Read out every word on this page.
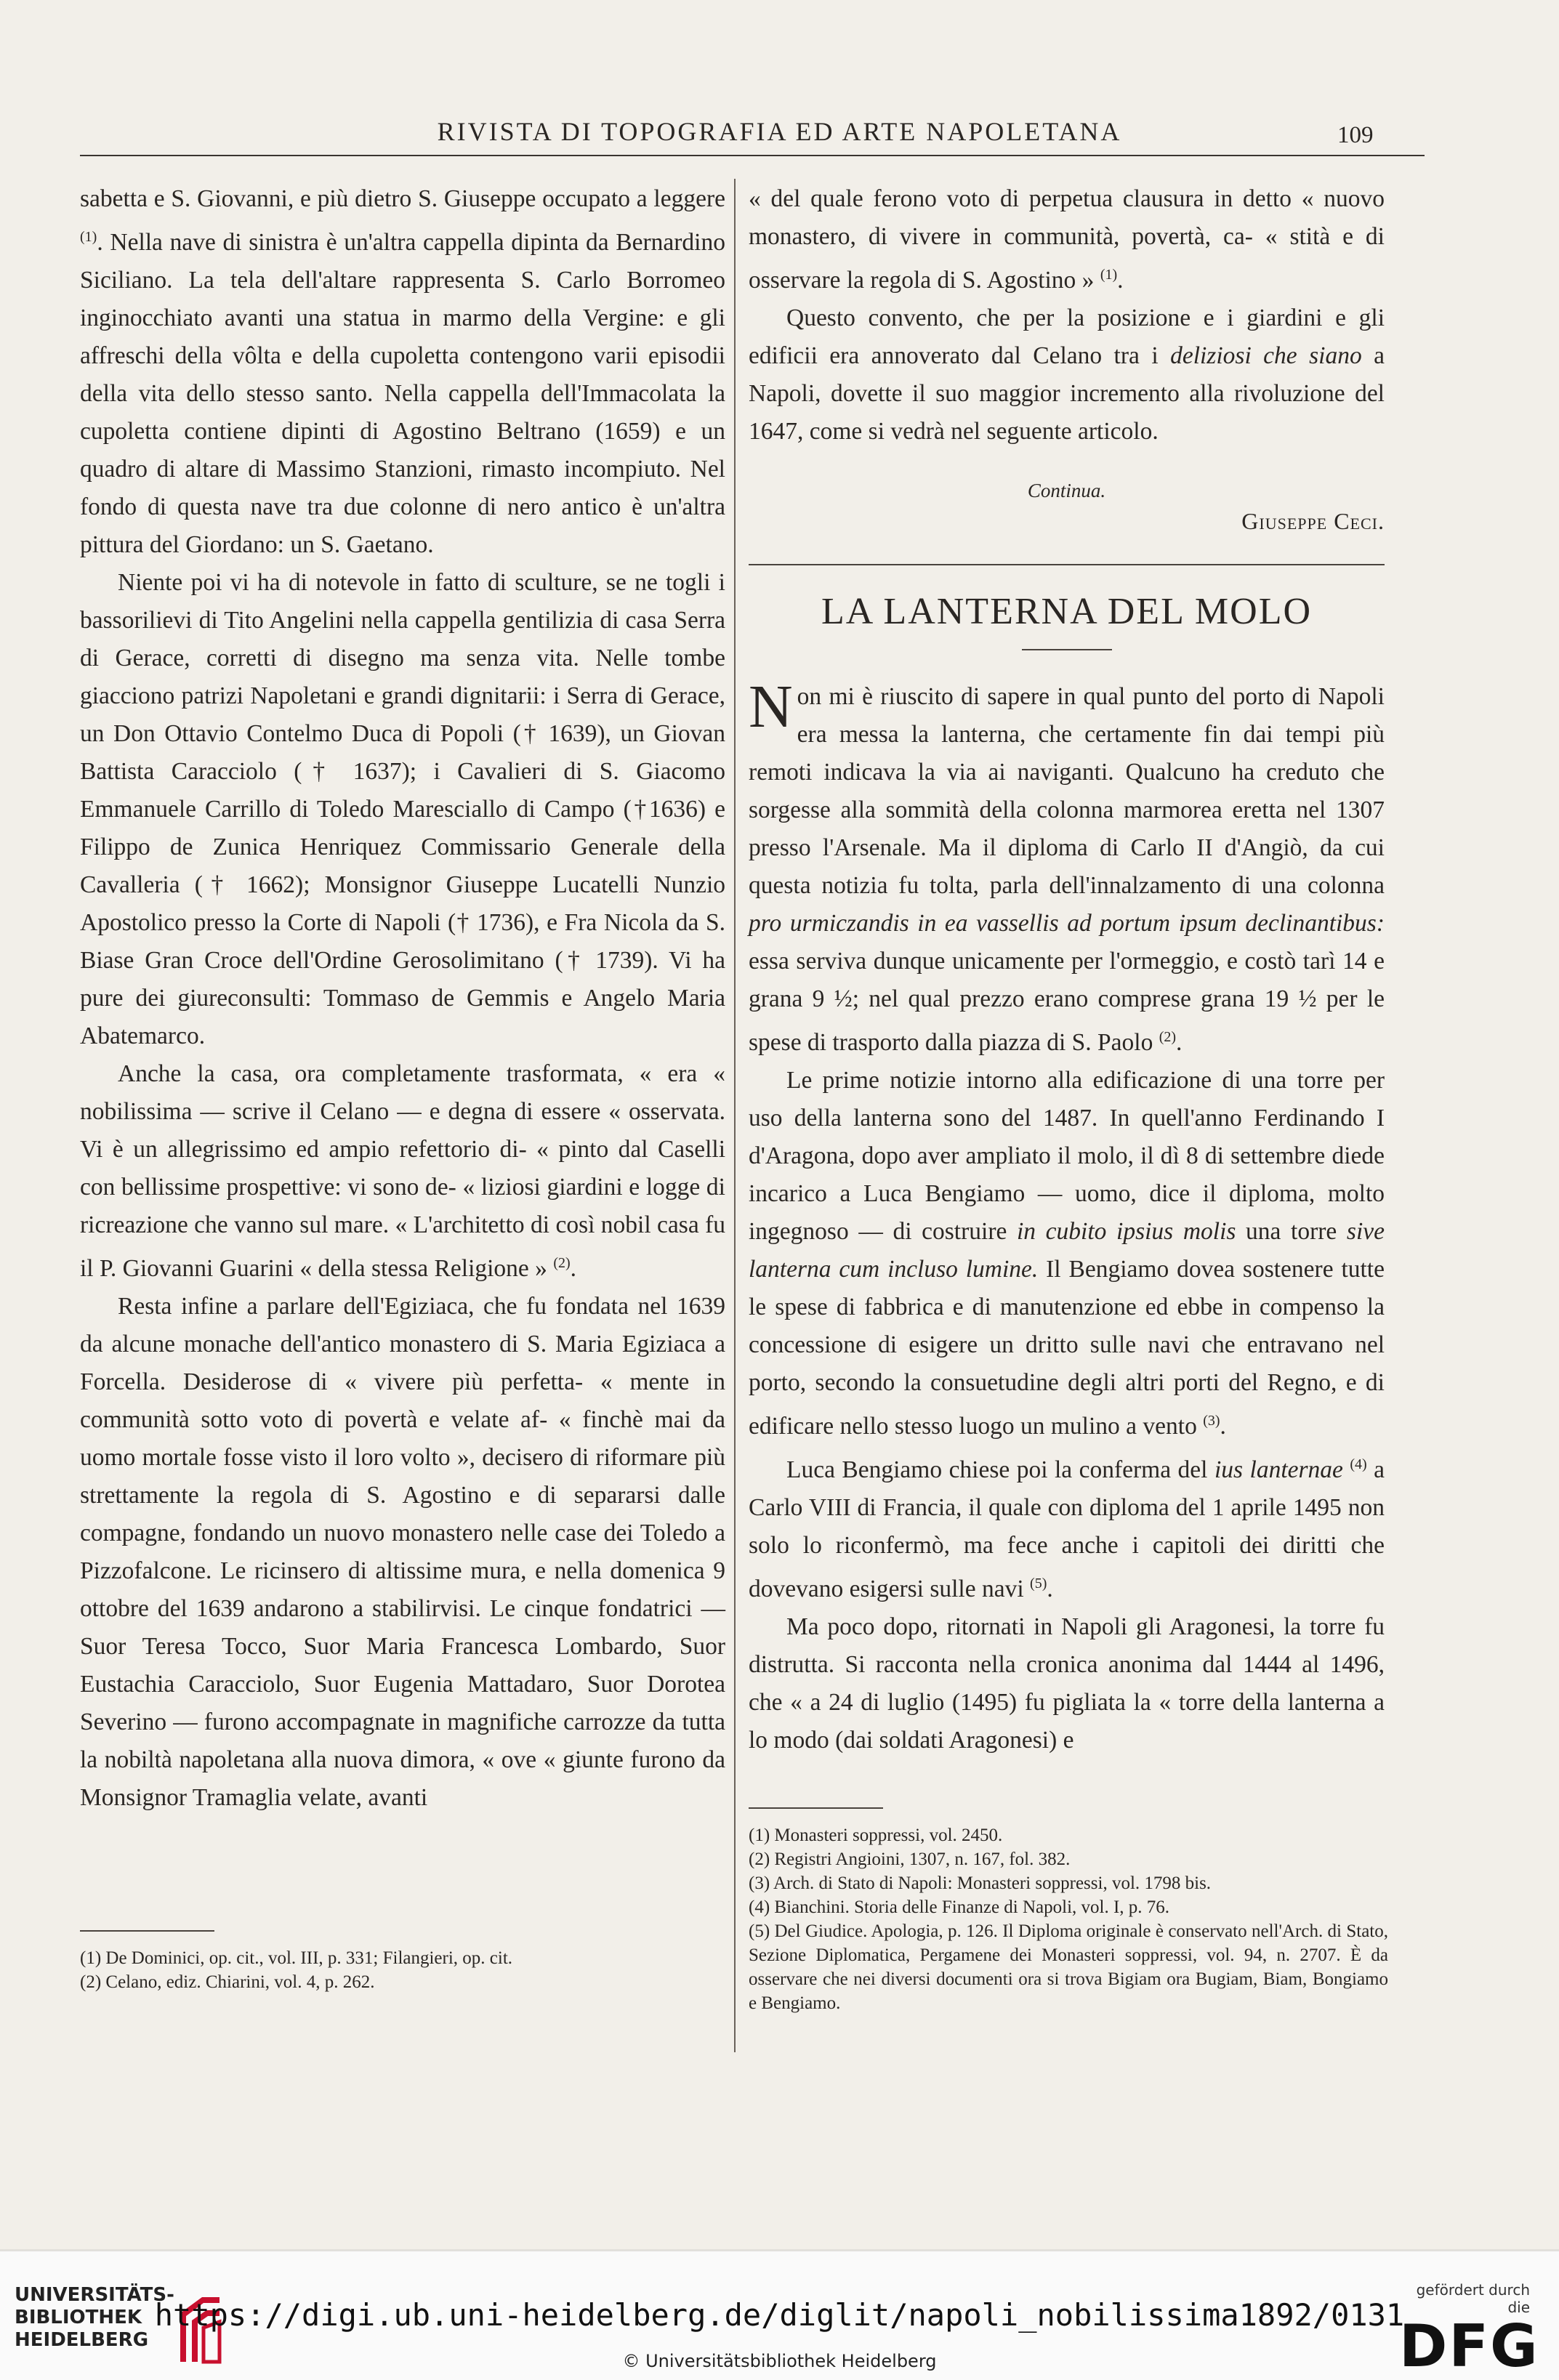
RIVISTA DI TOPOGRAFIA ED ARTE NAPOLETANA	109

sabetta e S. Giovanni, e più dietro S. Giuseppe occupato a leggere $^{(1)}$. Nella nave di sinistra è un'altra cappella dipinta da Bernardino Siciliano. La tela dell'altare rappresenta S. Carlo Borromeo inginocchiato avanti una statua in marmo della Vergine: e gli affreschi della vôlta e della cupoletta contengono varii episodii della vita dello stesso santo. Nella cappella dell'Immacolata la cupoletta contiene dipinti di Agostino Beltrano (1659) e un quadro di altare di Massimo Stanzioni, rimasto incompiuto. Nel fondo di questa nave tra due colonne di nero antico è un'altra pittura del Giordano: un S. Gaetano.

Niente poi vi ha di notevole in fatto di sculture, se ne togli i bassorilievi di Tito Angelini nella cappella gentilizia di casa Serra di Gerace, corretti di disegno ma senza vita. Nelle tombe giacciono patrizi Napoletani e grandi dignitarii: i Serra di Gerace, un Don Ottavio Contelmo Duca di Popoli († 1639), un Giovan Battista Caracciolo († 1637); i Cavalieri di S. Giacomo Emmanuele Carrillo di Toledo Maresciallo di Campo (†1636) e Filippo de Zunica Henriquez Commissario Generale della Cavalleria († 1662); Monsignor Giuseppe Lucatelli Nunzio Apostolico presso la Corte di Napoli († 1736), e Fra Nicola da S. Biase Gran Croce dell'Ordine Gerosolimitano († 1739). Vi ha pure dei giureconsulti: Tommaso de Gemmis e Angelo Maria Abatemarco.

Anche la casa, ora completamente trasformata, « era « nobilissima — scrive il Celano — e degna di essere « osservata. Vi è un allegrissimo ed ampio refettorio di- « pinto dal Caselli con bellissime prospettive: vi sono de- « liziosi giardini e logge di ricreazione che vanno sul mare. « L'architetto di così nobil casa fu il P. Giovanni Guarini « della stessa Religione » $^{(2)}$.

Resta infine a parlare dell'Egiziaca, che fu fondata nel 1639 da alcune monache dell'antico monastero di S. Maria Egiziaca a Forcella. Desiderose di « vivere più perfetta- « mente in communità sotto voto di povertà e velate af- « finchè mai da uomo mortale fosse visto il loro volto », decisero di riformare più strettamente la regola di S. Agostino e di separarsi dalle compagne, fondando un nuovo monastero nelle case dei Toledo a Pizzofalcone. Le ricinsero di altissime mura, e nella domenica 9 ottobre del 1639 andarono a stabilirvisi. Le cinque fondatrici — Suor Teresa Tocco, Suor Maria Francesca Lombardo, Suor Eustachia Caracciolo, Suor Eugenia Mattadaro, Suor Dorotea Severino — furono accompagnate in magnifiche carrozze da tutta la nobiltà napoletana alla nuova dimora, « ove « giunte furono da Monsignor Tramaglia velate, avanti

« del quale ferono voto di perpetua clausura in detto « nuovo monastero, di vivere in communità, povertà, ca- « stità e di osservare la regola di S. Agostino » $^{(1)}$.

Questo convento, che per la posizione e i giardini e gli edificii era annoverato dal Celano tra i deliziosi che siano a Napoli, dovette il suo maggior incremento alla rivoluzione del 1647, come si vedrà nel seguente articolo.

Continua.
Giuseppe Ceci.
LA LANTERNA DEL MOLO

Non mi è riuscito di sapere in qual punto del porto di Napoli era messa la lanterna, che certamente fin dai tempi più remoti indicava la via ai naviganti. Qualcuno ha creduto che sorgesse alla sommità della colonna marmorea eretta nel 1307 presso l'Arsenale. Ma il diploma di Carlo II d'Angiò, da cui questa notizia fu tolta, parla dell'innalzamento di una colonna pro urmiczandis in ea vassellis ad portum ipsum declinantibus: essa serviva dunque unicamente per l'ormeggio, e costò tarì 14 e grana 9 ½; nel qual prezzo erano comprese grana 19 ½ per le spese di trasporto dalla piazza di S. Paolo $^{(2)}$.

Le prime notizie intorno alla edificazione di una torre per uso della lanterna sono del 1487. In quell'anno Ferdinando I d'Aragona, dopo aver ampliato il molo, il dì 8 di settembre diede incarico a Luca Bengiamo — uomo, dice il diploma, molto ingegnoso — di costruire in cubito ipsius molis una torre sive lanterna cum incluso lumine. Il Bengiamo dovea sostenere tutte le spese di fabbrica e di manutenzione ed ebbe in compenso la concessione di esigere un dritto sulle navi che entravano nel porto, secondo la consuetudine degli altri porti del Regno, e di edificare nello stesso luogo un mulino a vento $^{(3)}$.

Luca Bengiamo chiese poi la conferma del ius lanternae $^{(4)}$ a Carlo VIII di Francia, il quale con diploma del 1 aprile 1495 non solo lo riconfermò, ma fece anche i capitoli dei diritti che dovevano esigersi sulle navi $^{(5)}$.

Ma poco dopo, ritornati in Napoli gli Aragonesi, la torre fu distrutta. Si racconta nella cronica anonima dal 1444 al 1496, che « a 24 di luglio (1495) fu pigliata la « torre della lanterna a lo modo (dai soldati Aragonesi) e

(1) De Dominici, op. cit., vol. III, p. 331; Filangieri, op. cit.

(2) Celano, ediz. Chiarini, vol. 4, p. 262.

(1) Monasteri soppressi, vol. 2450.

(2) Registri Angioini, 1307, n. 167, fol. 382.

(3) Arch. di Stato di Napoli: Monasteri soppressi, vol. 1798 bis.

(4) Bianchini. Storia delle Finanze di Napoli, vol. I, p. 76.

(5) Del Giudice. Apologia, p. 126. Il Diploma originale è conservato nell'Arch. di Stato, Sezione Diplomatica, Pergamene dei Monasteri soppressi, vol. 94, n. 2707. È da osservare che nei diversi documenti ora si trova Bigiam ora Bugiam, Biam, Bongiamo e Bengiamo.

UNIVERSITÄTS-
BIBLIOTHEK
HEIDELBERG
https://digi.ub.uni-heidelberg.de/diglit/napoli_nobilissima1892/0131
© Universitätsbibliothek Heidelberg
gefördert durch die
DFG
